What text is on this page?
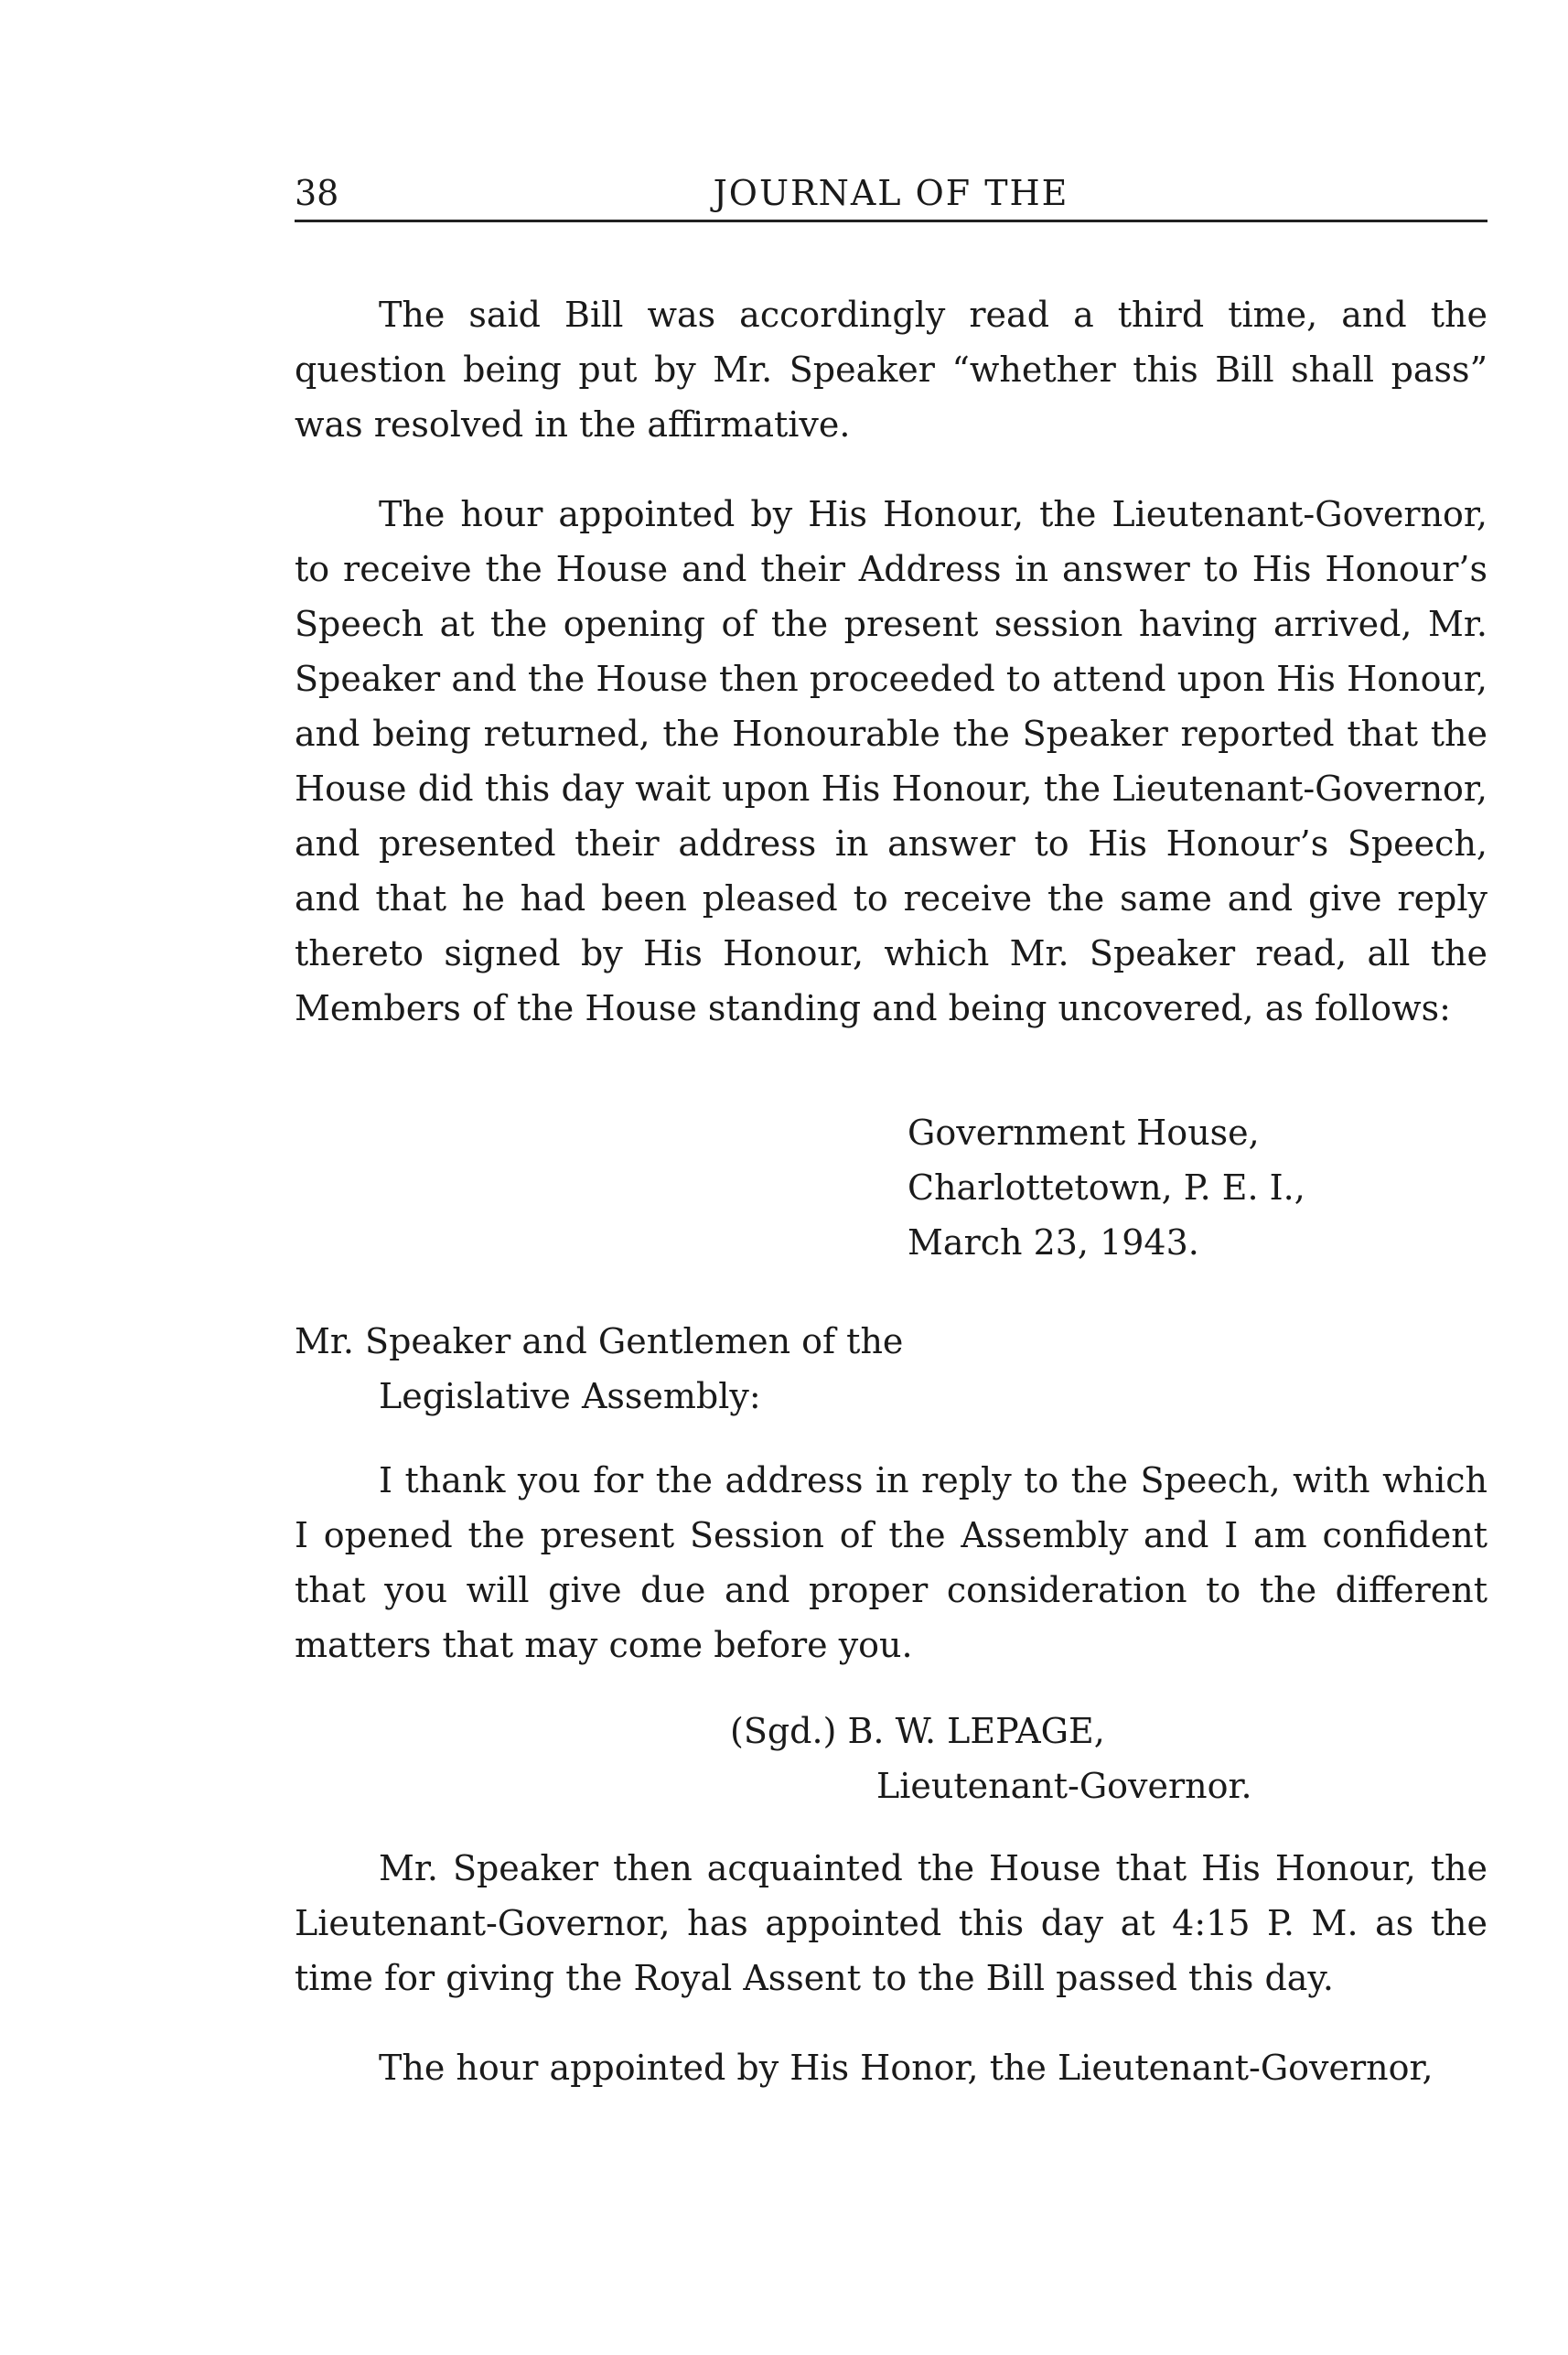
38	JOURNAL OF THE

The said Bill was accordingly read a third time, and the question being put by Mr. Speaker “whether this Bill shall pass” was resolved in the affirmative.

The hour appointed by His Honour, the Lieutenant-Governor, to receive the House and their Address in answer to His Honour’s Speech at the opening of the present session having arrived, Mr. Speaker and the House then proceeded to attend upon His Honour, and being returned, the Honourable the Speaker reported that the House did this day wait upon His Honour, the Lieutenant-Governor, and presented their address in answer to His Honour’s Speech, and that he had been pleased to receive the same and give reply thereto signed by His Honour, which Mr. Speaker read, all the Members of the House standing and being uncovered, as follows:

Government House,
Charlottetown, P. E. I.,
March 23, 1943.
Mr. Speaker and Gentlemen of the
Legislative Assembly:

I thank you for the address in reply to the Speech, with which I opened the present Session of the Assembly and I am confident that you will give due and proper consideration to the different matters that may come before you.

(Sgd.) B. W. LEPAGE,
Lieutenant-Governor.

Mr. Speaker then acquainted the House that His Honour, the Lieutenant-Governor, has appointed this day at 4:15 P. M. as the time for giving the Royal Assent to the Bill passed this day.

The hour appointed by His Honor, the Lieutenant-Governor,
